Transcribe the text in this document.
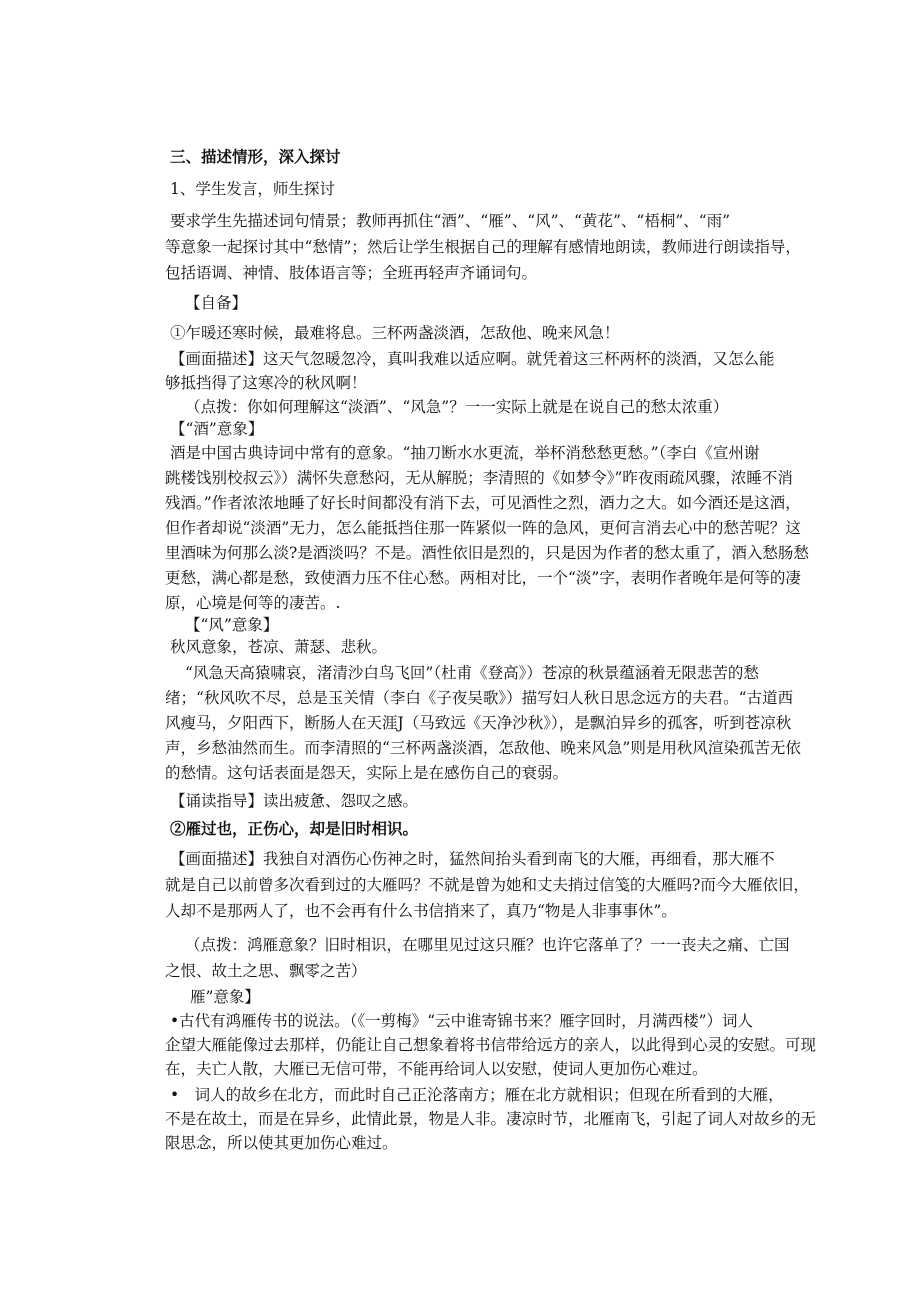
三、描述情形，深入探讨
1、学生发言，师生探讨
要求学生先描述词句情景；教师再抓住“酒”、“雁”、“风”、“黄花”、“梧桐”、“雨”
等意象一起探讨其中“愁情”；然后让学生根据自己的理解有感情地朗读，教师进行朗读指导，
包括语调、神情、肢体语言等；全班再轻声齐诵词句。
【自备】
①乍暖还寒时候，最难将息。三杯两盏淡酒，怎敌他、晚来风急！
【画面描述】这天气忽暖忽冷，真叫我难以适应啊。就凭着这三杯两杯的淡酒，又怎么能
够抵挡得了这寒冷的秋风啊！
（点拨：你如何理解这“淡酒”、“风急”？一一实际上就是在说自己的愁太浓重）
【“酒”意象】
酒是中国古典诗词中常有的意象。“抽刀断水水更流，举杯消愁愁更愁。”（李白《宣州谢
跳楼饯别校叔云》）满怀失意愁闷，无从解脱；李清照的《如梦令》”昨夜雨疏风骤，浓睡不消
残酒。”作者浓浓地睡了好长时间都没有消下去，可见酒性之烈，酒力之大。如今酒还是这酒，
但作者却说“淡酒”无力，怎么能抵挡住那一阵紧似一阵的急风，更何言消去心中的愁苦呢？这
里酒味为何那么淡?是酒淡吗？不是。酒性依旧是烈的，只是因为作者的愁太重了，酒入愁肠愁
更愁，满心都是愁，致使酒力压不住心愁。两相对比，一个“淡”字，表明作者晚年是何等的凄
原，心境是何等的凄苦。.
【“风”意象】
秋风意象，苍凉、萧瑟、悲秋。
“风急天高猿啸哀，渚清沙白鸟飞回”（杜甫《登高》）苍凉的秋景蕴涵着无限悲苦的愁
绪；“秋风吹不尽，总是玉关情（李白《子夜吴歌》）描写妇人秋日思念远方的夫君。“古道西
风瘦马，夕阳西下，断肠人在天涯J（马致远《天净沙秋》），是飘泊异乡的孤客，听到苍凉秋
声，乡愁油然而生。而李清照的“三杯两盏淡酒，怎敌他、晚来风急”则是用秋风渲染孤苦无依
的愁情。这句话表面是怨天，实际上是在感伤自己的衰弱。
【诵读指导】读出疲惫、怨叹之感。
②雁过也，正伤心，却是旧时相识。
【画面描述】我独自对酒伤心伤神之时，猛然间抬头看到南飞的大雁，再细看，那大雁不
就是自己以前曾多次看到过的大雁吗？不就是曾为她和丈夫捎过信笺的大雁吗?而今大雁依旧，
人却不是那两人了，也不会再有什么书信捎来了，真乃“物是人非事事休”。
（点拨：鸿雁意象？旧时相识，在哪里见过这只雁？也许它落单了？一一丧夫之痛、亡国
之恨、故土之思、飘零之苦）
雁”意象】
•古代有鸿雁传书的说法。（《一剪梅》“云中谁寄锦书来？雁字回时，月满西楼”）词人
企望大雁能像过去那样，仍能让自己想象着将书信带给远方的亲人，以此得到心灵的安慰。可现
在，夫亡人散，大雁已无信可带，不能再给词人以安慰，使词人更加伤心难过。
•　词人的故乡在北方，而此时自己正沦落南方；雁在北方就相识；但现在所看到的大雁，
不是在故土，而是在异乡，此情此景，物是人非。凄凉时节，北雁南飞，引起了词人对故乡的无
限思念，所以使其更加伤心难过。
